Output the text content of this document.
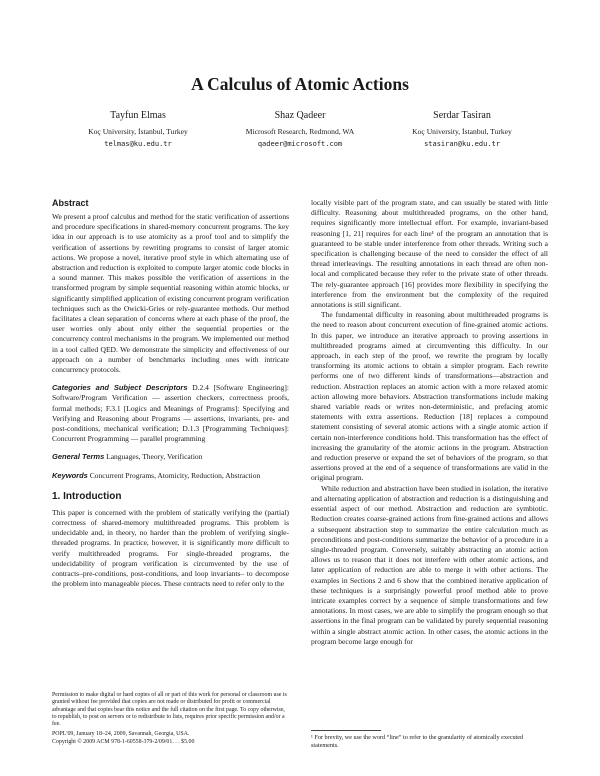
A Calculus of Atomic Actions
Tayfun Elmas
Koç University, İstanbul, Turkey
telmas@ku.edu.tr
Shaz Qadeer
Microsoft Research, Redmond, WA
qadeer@microsoft.com
Serdar Tasiran
Koç University, İstanbul, Turkey
stasiran@ku.edu.tr
Abstract

We present a proof calculus and method for the static verification of assertions and procedure specifications in shared-memory concurrent programs. The key idea in our approach is to use atomicity as a proof tool and to simplify the verification of assertions by rewriting programs to consist of larger atomic actions. We propose a novel, iterative proof style in which alternating use of abstraction and reduction is exploited to compute larger atomic code blocks in a sound manner. This makes possible the verification of assertions in the transformed program by simple sequential reasoning within atomic blocks, or significantly simplified application of existing concurrent program verification techniques such as the Owicki-Gries or rely-guarantee methods. Our method facilitates a clean separation of concerns where at each phase of the proof, the user worries only about only either the sequential properties or the concurrency control mechanisms in the program. We implemented our method in a tool called QED. We demonstrate the simplicity and effectiveness of our approach on a number of benchmarks including ones with intricate concurrency protocols.

Categories and Subject Descriptors D.2.4 [Software Engineering]: Software/Program Verification — assertion checkers, correctness proofs, formal methods; F.3.1 [Logics and Meanings of Programs]: Specifying and Verifying and Reasoning about Programs — assertions, invariants, pre- and post-conditions, mechanical verification; D.1.3 [Programming Techniques]: Concurrent Programming — parallel programming

General Terms Languages, Theory, Verification

Keywords Concurrent Programs, Atomicity, Reduction, Abstraction

1. Introduction

This paper is concerned with the problem of statically verifying the (partial) correctness of shared-memory multithreaded programs. This problem is undecidable and, in theory, no harder than the problem of verifying single-threaded programs. In practice, however, it is significantly more difficult to verify multithreaded programs. For single-threaded programs, the undecidability of program verification is circumvented by the use of contracts–pre-conditions, post-conditions, and loop invariants– to decompose the problem into manageable pieces. These contracts need to refer only to the

Permission to make digital or hard copies of all or part of this work for personal or classroom use is granted without fee provided that copies are not made or distributed for profit or commercial advantage and that copies bear this notice and the full citation on the first page. To copy otherwise, to republish, to post on servers or to redistribute to lists, requires prior specific permission and/or a fee.

POPL'09, January 18–24, 2009, Savannah, Georgia, USA.

Copyright © 2009 ACM 978-1-60558-379-2/09/01. . . $5.00

locally visible part of the program state, and can usually be stated with little difficulty. Reasoning about multithreaded programs, on the other hand, requires significantly more intellectual effort. For example, invariant-based reasoning [1, 21] requires for each line¹ of the program an annotation that is guaranteed to be stable under interference from other threads. Writing such a specification is challenging because of the need to consider the effect of all thread interleavings. The resulting annotations in each thread are often non-local and complicated because they refer to the private state of other threads. The rely-guarantee approach [16] provides more flexibility in specifying the interference from the environment but the complexity of the required annotations is still significant.

The fundamental difficulty in reasoning about multithreaded programs is the need to reason about concurrent execution of fine-grained atomic actions. In this paper, we introduce an iterative approach to proving assertions in multithreaded programs aimed at circumventing this difficulty. In our approach, in each step of the proof, we rewrite the program by locally transforming its atomic actions to obtain a simpler program. Each rewrite performs one of two different kinds of transformations—abstraction and reduction. Abstraction replaces an atomic action with a more relaxed atomic action allowing more behaviors. Abstraction transformations include making shared variable reads or writes non-deterministic, and prefacing atomic statements with extra assertions. Reduction [18] replaces a compound statement consisting of several atomic actions with a single atomic action if certain non-interference conditions hold. This transformation has the effect of increasing the granularity of the atomic actions in the program. Abstraction and reduction preserve or expand the set of behaviors of the program, so that assertions proved at the end of a sequence of transformations are valid in the original program.

While reduction and abstraction have been studied in isolation, the iterative and alternating application of abstraction and reduction is a distinguishing and essential aspect of our method. Abstraction and reduction are symbiotic. Reduction creates coarse-grained actions from fine-grained actions and allows a subsequent abstraction step to summarize the entire calculation much as preconditions and post-conditions summarize the behavior of a procedure in a single-threaded program. Conversely, suitably abstracting an atomic action allows us to reason that it does not interfere with other atomic actions, and later application of reduction are able to merge it with other actions. The examples in Sections 2 and 6 show that the combined iterative application of these techniques is a surprisingly powerful proof method able to prove intricate examples correct by a sequence of simple transformations and few annotations. In most cases, we are able to simplify the program enough so that assertions in the final program can be validated by purely sequential reasoning within a single abstract atomic action. In other cases, the atomic actions in the program become large enough for

¹ For brevity, we use the word “line” to refer to the granularity of atomically executed statements.
